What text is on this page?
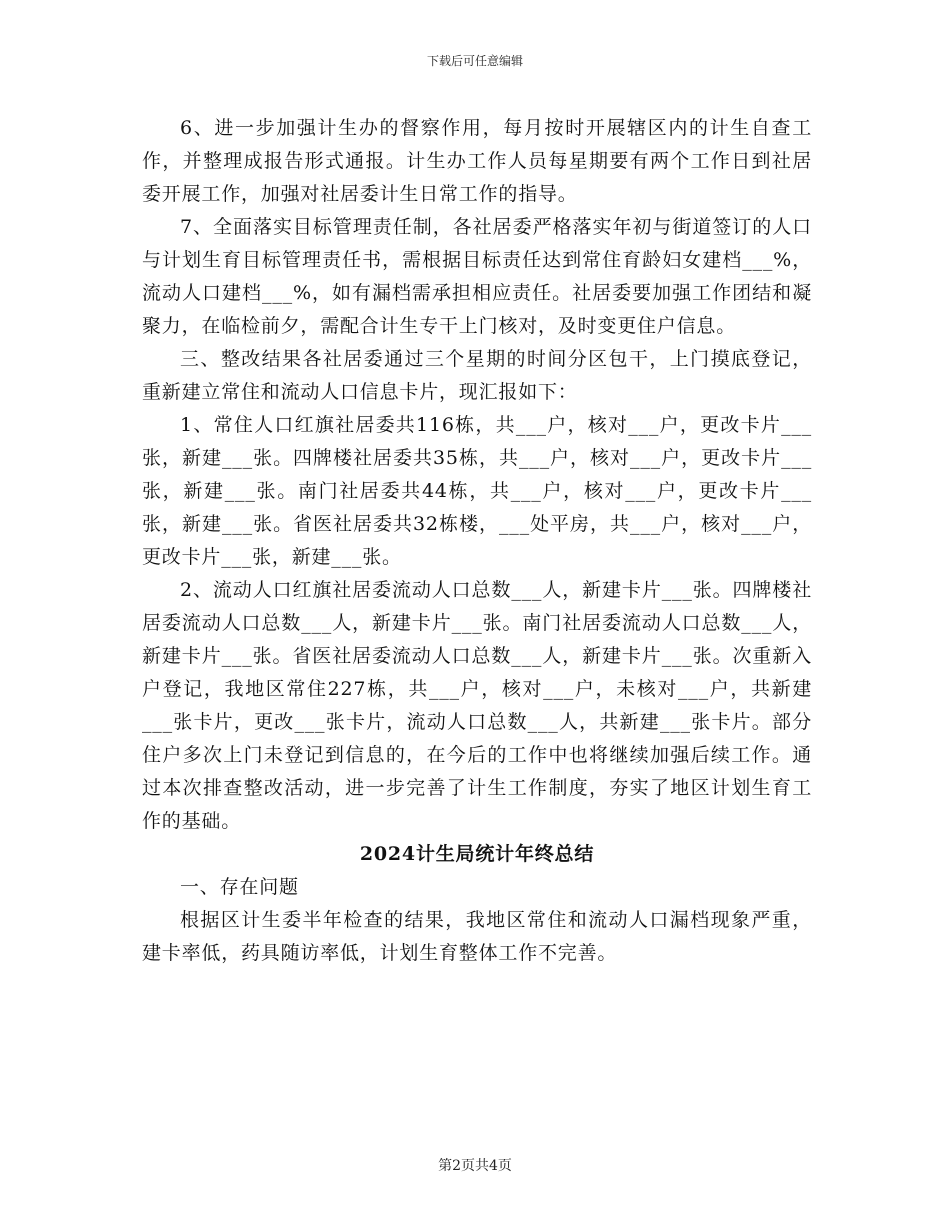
下载后可任意编辑

6、进一步加强计生办的督察作用，每月按时开展辖区内的计生自查工作，并整理成报告形式通报。计生办工作人员每星期要有两个工作日到社居委开展工作，加强对社居委计生日常工作的指导。

7、全面落实目标管理责任制，各社居委严格落实年初与街道签订的人口与计划生育目标管理责任书，需根据目标责任达到常住育龄妇女建档___%，流动人口建档___%，如有漏档需承担相应责任。社居委要加强工作团结和凝聚力，在临检前夕，需配合计生专干上门核对，及时变更住户信息。

三、整改结果各社居委通过三个星期的时间分区包干，上门摸底登记，重新建立常住和流动人口信息卡片，现汇报如下：

1、常住人口红旗社居委共116栋，共___户，核对___户，更改卡片___张，新建___张。四牌楼社居委共35栋，共___户，核对___户，更改卡片___张，新建___张。南门社居委共44栋，共___户，核对___户，更改卡片___张，新建___张。省医社居委共32栋楼，___处平房，共___户，核对___户，更改卡片___张，新建___张。

2、流动人口红旗社居委流动人口总数___人，新建卡片___张。四牌楼社居委流动人口总数___人，新建卡片___张。南门社居委流动人口总数___人，新建卡片___张。省医社居委流动人口总数___人，新建卡片___张。次重新入户登记，我地区常住227栋，共___户，核对___户，未核对___户，共新建___张卡片，更改___张卡片，流动人口总数___人，共新建___张卡片。部分住户多次上门未登记到信息的，在今后的工作中也将继续加强后续工作。通过本次排查整改活动，进一步完善了计生工作制度，夯实了地区计划生育工作的基础。

2024计生局统计年终总结

一、存在问题

根据区计生委半年检查的结果，我地区常住和流动人口漏档现象严重，建卡率低，药具随访率低，计划生育整体工作不完善。

第2页共4页
